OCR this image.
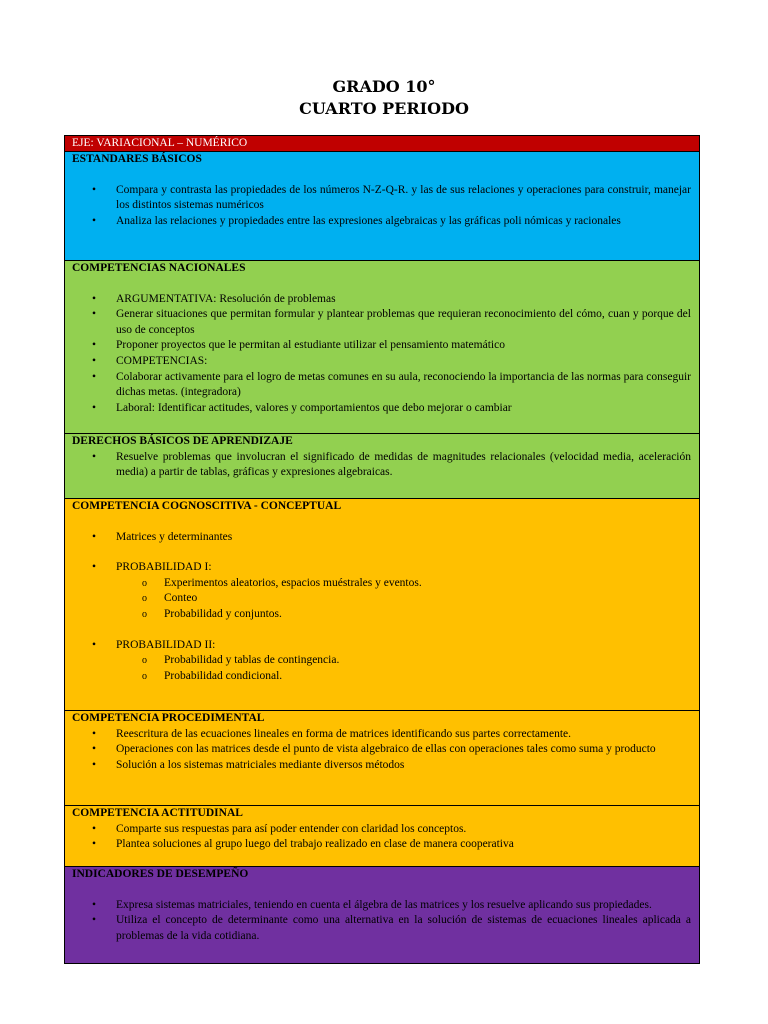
GRADO 10°
CUARTO PERIODO
EJE: VARIACIONAL – NUMÉRICO
ESTANDARES BÁSICOS
• Compara y contrasta las propiedades de los números N-Z-Q-R. y las de sus relaciones y operaciones para construir, manejar los distintos sistemas numéricos
• Analiza las relaciones y propiedades entre las expresiones algebraicas y las gráficas poli nómicas y racionales
COMPETENCIAS NACIONALES
• ARGUMENTATIVA: Resolución de problemas
• Generar situaciones que permitan formular y plantear problemas que requieran reconocimiento del cómo, cuan y porque del uso de conceptos
• Proponer proyectos que le permitan al estudiante utilizar el pensamiento matemático
• COMPETENCIAS:
• Colaborar activamente para el logro de metas comunes en su aula, reconociendo la importancia de las normas para conseguir dichas metas. (integradora)
• Laboral: Identificar actitudes, valores y comportamientos que debo mejorar o cambiar
DERECHOS BÁSICOS DE APRENDIZAJE
• Resuelve problemas que involucran el significado de medidas de magnitudes relacionales (velocidad media, aceleración media) a partir de tablas, gráficas y expresiones algebraicas.
COMPETENCIA COGNOSCITIVA - CONCEPTUAL
• Matrices y determinantes
• PROBABILIDAD I:
o Experimentos aleatorios, espacios muéstrales y eventos.
o Conteo
o Probabilidad y conjuntos.
• PROBABILIDAD II:
o Probabilidad y tablas de contingencia.
o Probabilidad condicional.
COMPETENCIA PROCEDIMENTAL
• Reescritura de las ecuaciones lineales en forma de matrices identificando sus partes correctamente.
• Operaciones con las matrices desde el punto de vista algebraico de ellas con operaciones tales como suma y producto
• Solución a los sistemas matriciales mediante diversos métodos
COMPETENCIA ACTITUDINAL
• Comparte sus respuestas para así poder entender con claridad los conceptos.
• Plantea soluciones al grupo luego del trabajo realizado en clase de manera cooperativa
INDICADORES DE DESEMPEÑO
• Expresa sistemas matriciales, teniendo en cuenta el álgebra de las matrices y los resuelve aplicando sus propiedades.
• Utiliza el concepto de determinante como una alternativa en la solución de sistemas de ecuaciones lineales aplicada a problemas de la vida cotidiana.
